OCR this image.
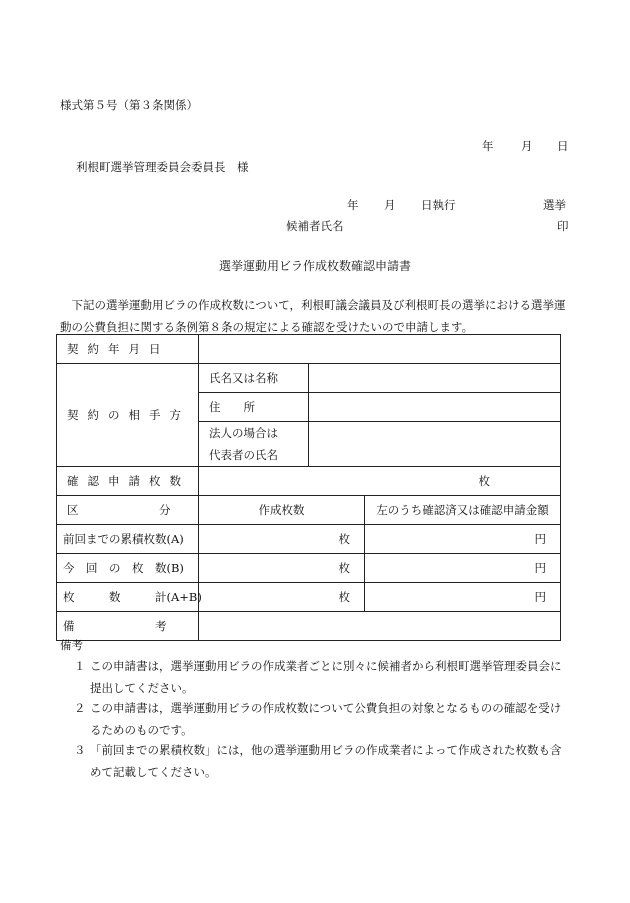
様式第５号（第３条関係）
年 月 日
利根町選挙管理委員会委員長　様
年 月 日執行	選挙
候補者氏名	印
選挙運動用ビラ作成枚数確認申請書
下記の選挙運動用ビラの作成枚数について，利根町議会議員及び利根町長の選挙における選挙運動の公費負担に関する条例第８条の規定による確認を受けたいので申請します。
契約年月日			
契約の相手方	氏名又は名称		
	住　　所		

	法人の場合は
代表者の氏名		

確認申請枚数	枚		
区　　　　　　　分	作成枚数		左のうち確認済又は確認申請金額
前回までの累積枚数(A)	枚		円
今　回　の　枚　数(B)	枚		円
枚　　　数　　　計(A+B)	枚		円
備　　　　　　　考			
備考
１ この申請書は，選挙運動用ビラの作成業者ごとに別々に候補者から利根町選挙管理委員会に提出してください。
２ この申請書は，選挙運動用ビラの作成枚数について公費負担の対象となるものの確認を受けるためのものです。
３ 「前回までの累積枚数」には，他の選挙運動用ビラの作成業者によって作成された枚数も含めて記載してください。
